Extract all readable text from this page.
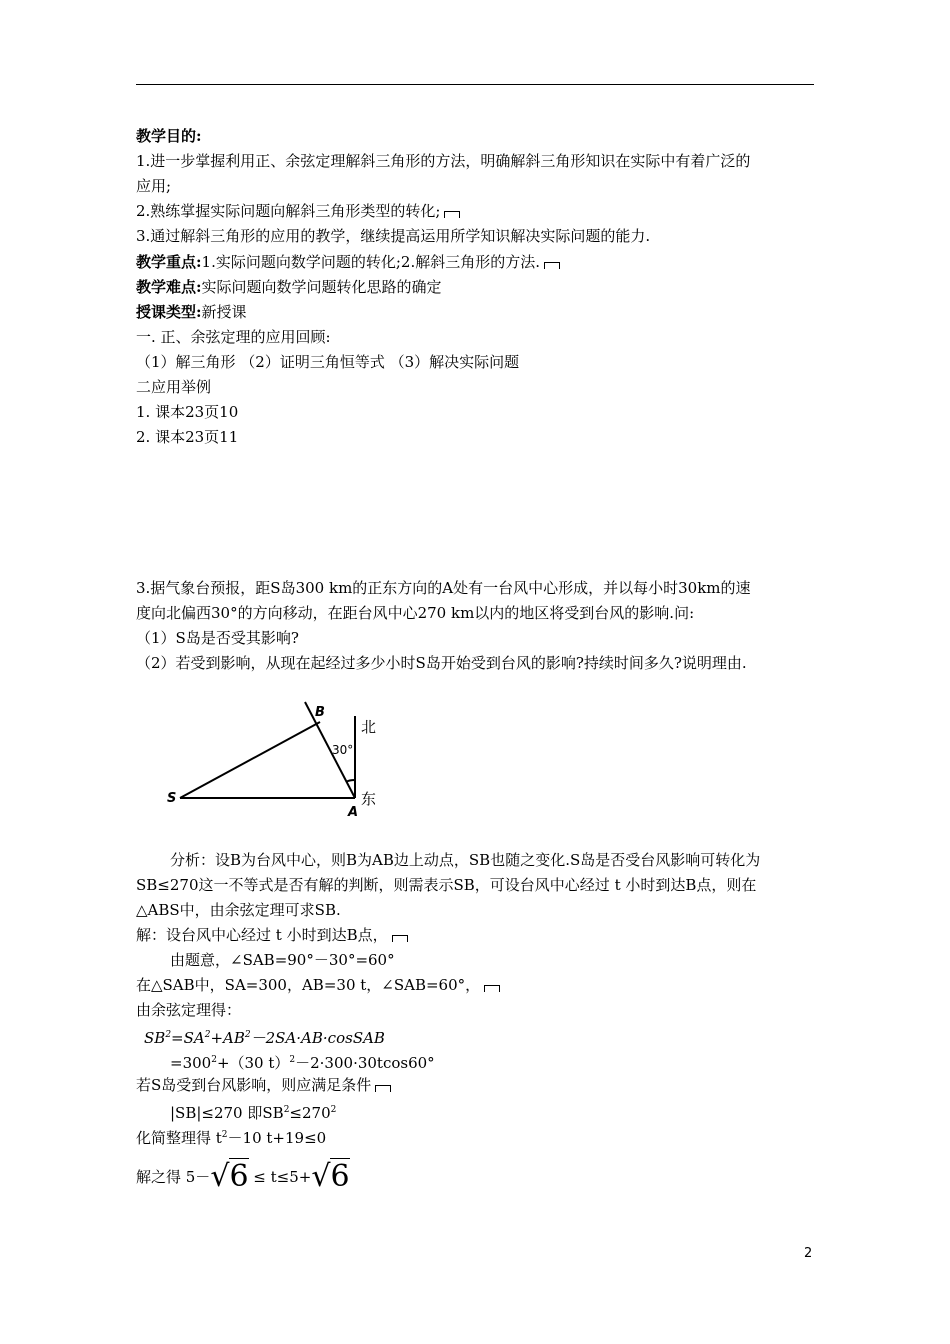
教学目的:
1.进一步掌握利用正、余弦定理解斜三角形的方法，明确解斜三角形知识在实际中有着广泛的
应用;
2.熟练掌握实际问题向解斜三角形类型的转化;
3.通过解斜三角形的应用的教学，继续提高运用所学知识解决实际问题的能力.
教学重点:1.实际问题向数学问题的转化;2.解斜三角形的方法.
教学难点:实际问题向数学问题转化思路的确定
授课类型:新授课
一. 正、余弦定理的应用回顾:
（1）解三角形 （2）证明三角恒等式 （3）解决实际问题
二应用举例
1. 课本23页10
2. 课本23页11
3.据气象台预报，距S岛300 km的正东方向的A处有一台风中心形成，并以每小时30km的速
度向北偏西30°的方向移动，在距台风中心270 km以内的地区将受到台风的影响.问:
（1）S岛是否受其影响?
（2）若受到影响，从现在起经过多少小时S岛开始受到台风的影响?持续时间多久?说明理由.
S
A
B
北
东
30°
分析：设B为台风中心，则B为AB边上动点，SB也随之变化.S岛是否受台风影响可转化为
SB≤270这一不等式是否有解的判断，则需表示SB，可设台风中心经过 t 小时到达B点，则在
△ABS中，由余弦定理可求SB.
解：设台风中心经过 t 小时到达B点，
由题意，∠SAB=90°－30°=60°
在△SAB中，SA=300，AB=30 t，∠SAB=60°，
由余弦定理得：
$SB^2=SA^2+AB^2-2SA\cdot AB\cdot cosSAB$
$=300^2+(30$ t）$^2$－2·300·30tcos60°
若S岛受到台风影响，则应满足条件
|SB|≤270 即$SB^2\le 270^2$
化简整理得 $t^2-10$ t+19≤0
解之得 5－√6 ≤ t≤5+√6
2
